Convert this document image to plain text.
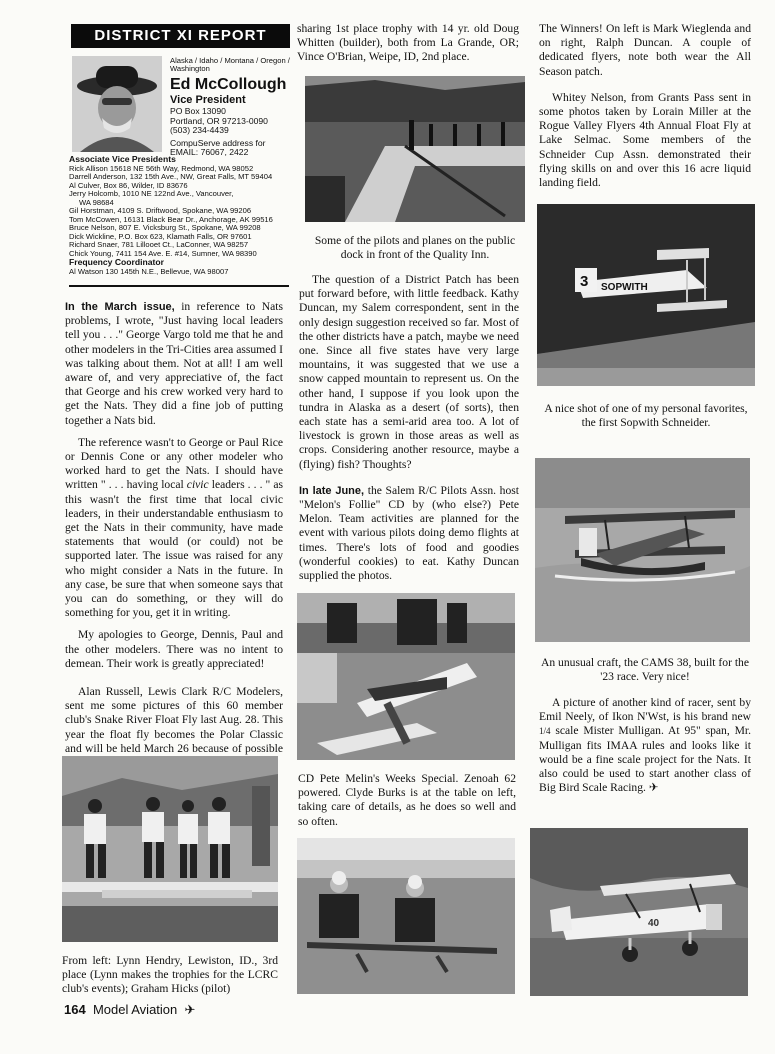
DISTRICT XI REPORT
Alaska / Idaho / Montana / Oregon / Washington
Ed McCollough
Vice President
PO Box 13090
Portland, OR 97213-0090
(503) 234-4439
CompuServe address for
EMAIL: 76067, 2422
Associate Vice Presidents
Rick Allison 15618 NE 56th Way, Redmond, WA 98052
Darrell Anderson, 132 15th Ave., NW, Great Falls, MT 59404
Al Culver, Box 86, Wilder, ID 83676
Jerry Holcomb, 1010 NE 122nd Ave., Vancouver,
WA 98684
Gil Horstman, 4109 S. Driftwood, Spokane, WA 99206
Tom McCowen, 16131 Black Bear Dr., Anchorage, AK 99516
Bruce Nelson, 807 E. Vicksburg St., Spokane, WA 99208
Dick Wickline, P.O. Box 623, Klamath Falls, OR 97601
Richard Snaer, 781 Lillooet Ct., LaConner, WA 98257
Chick Young, 7411 154 Ave. E. #14, Sumner, WA 98390
Frequency Coordinator
Al Watson 130 145th N.E., Bellevue, WA 98007

In the March issue, in reference to Nats problems, I wrote, "Just having local leaders tell you . . ." George Vargo told me that he and other modelers in the Tri-Cities area assumed I was talking about them. Not at all! I am well aware of, and very appreciative of, the fact that George and his crew worked very hard to get the Nats. They did a fine job of putting together a Nats bid.

The reference wasn't to George or Paul Rice or Dennis Cone or any other modeler who worked hard to get the Nats. I should have written " . . . having local civic leaders . . . " as this wasn't the first time that local civic leaders, in their understandable enthusiasm to get the Nats in their community, have made statements that would (or could) not be supported later. The issue was raised for any who might consider a Nats in the future. In any case, be sure that when someone says that you can do something, or they will do something for you, get it in writing.

My apologies to George, Dennis, Paul and the other modelers. There was no intent to demean. Their work is greatly appreciated!

Alan Russell, Lewis Clark R/C Modelers, sent me some pictures of this 60 member club's Snake River Float Fly last Aug. 28. This year the float fly becomes the Polar Classic and will be held March 26 because of possible

From left: Lynn Hendry, Lewiston, ID., 3rd place (Lynn makes the trophies for the LCRC club's events); Graham Hicks (pilot)

sharing 1st place trophy with 14 yr. old Doug Whitten (builder), both from La Grande, OR; Vince O'Brian, Weipe, ID, 2nd place.

Some of the pilots and planes on the public dock in front of the Quality Inn.

The question of a District Patch has been put forward before, with little feedback. Kathy Duncan, my Salem correspondent, sent in the only design suggestion received so far. Most of the other districts have a patch, maybe we need one. Since all five states have very large mountains, it was suggested that we use a snow capped mountain to represent us. On the other hand, I suppose if you look upon the tundra in Alaska as a desert (of sorts), then each state has a semi-arid area too. A lot of livestock is grown in those areas as well as crops. Considering another resource, maybe a (flying) fish? Thoughts?

In late June, the Salem R/C Pilots Assn. host "Melon's Follie" CD by (who else?) Pete Melon. Team activities are planned for the event with various pilots doing demo flights at times. There's lots of food and goodies (wonderful cookies) to eat. Kathy Duncan supplied the photos.

CD Pete Melin's Weeks Special. Zenoah 62 powered. Clyde Burks is at the table on left, taking care of details, as he does so well and so often.

The Winners! On left is Mark Wieglenda and on right, Ralph Duncan. A couple of dedicated flyers, note both wear the All Season patch.

Whitey Nelson, from Grants Pass sent in some photos taken by Lorain Miller at the Rogue Valley Flyers 4th Annual Float Fly at Lake Selmac. Some members of the Schneider Cup Assn. demonstrated their flying skills on and over this 16 acre liquid landing field.

3 SOPWITH
A nice shot of one of my personal favorites, the first Sopwith Schneider.
An unusual craft, the CAMS 38, built for the '23 race. Very nice!

A picture of another kind of racer, sent by Emil Neely, of Ikon N'Wst, is his brand new 1/4 scale Mister Mulligan. At 95" span, Mr. Mulligan fits IMAA rules and looks like it would be a fine scale project for the Nats. It also could be used to start another class of Big Bird Scale Racing. ✈

40
164 Model Aviation ✈
